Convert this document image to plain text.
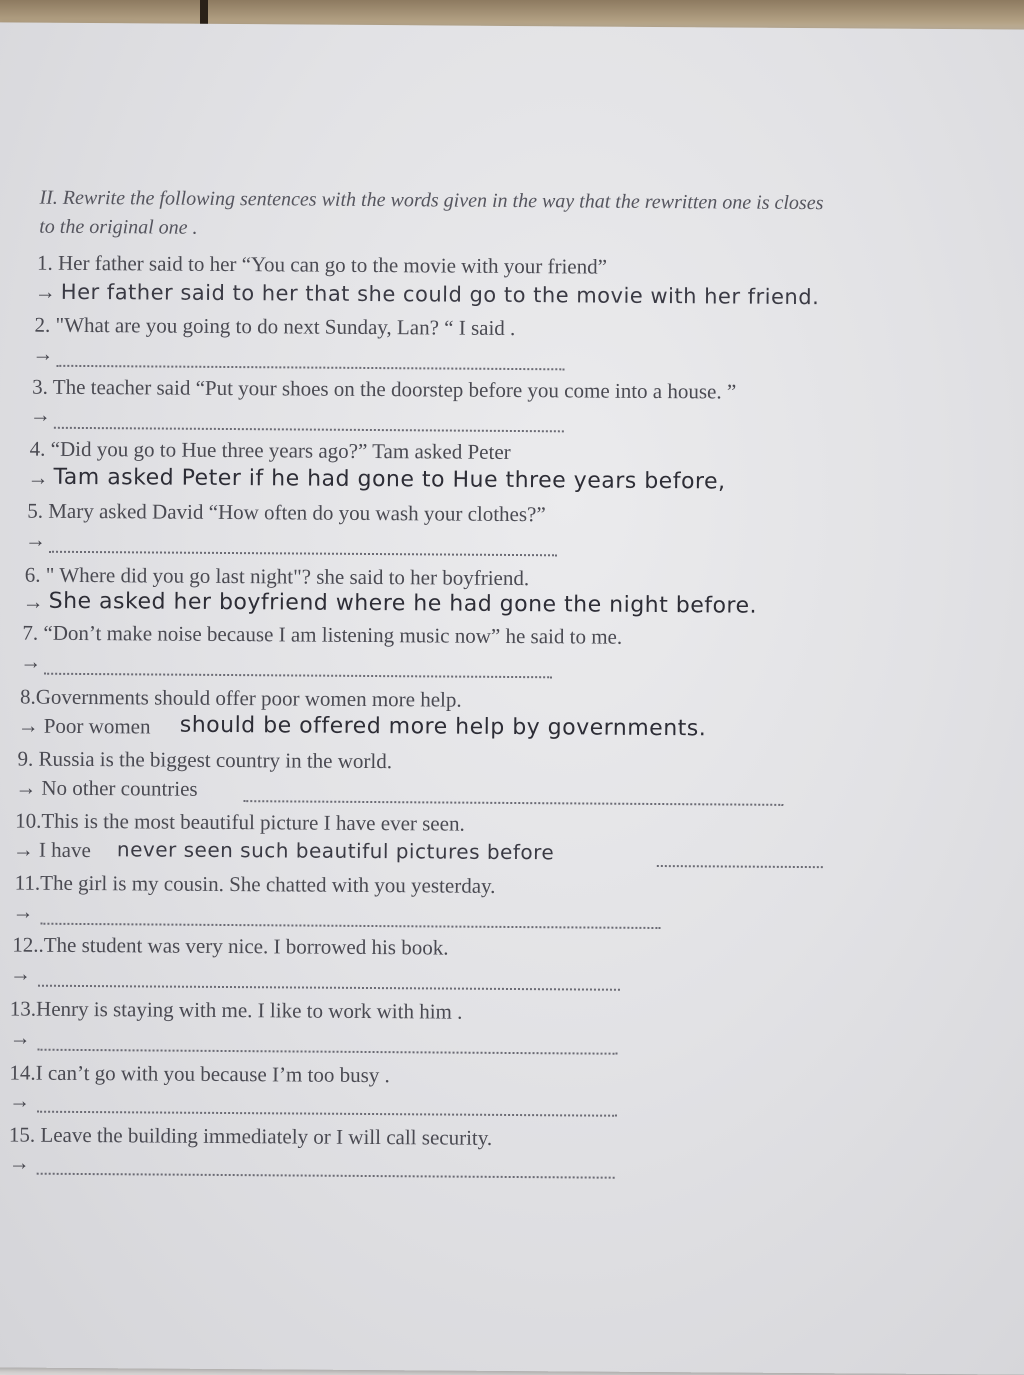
II. Rewrite the following sentences with the words given in the way that the rewritten one is closes
to the original one .
1. Her father said to her “You can go to the movie with your friend”
→ Her father said to her that she could go to the movie with her friend.
2. "What are you going to do next Sunday, Lan? “ I said .
→
3. The teacher said “Put your shoes on the doorstep before you come into a house. ”
→
4. “Did you go to Hue three years ago?” Tam asked Peter
→ Tam asked Peter if he had gone to Hue three years before,
5. Mary asked David “How often do you wash your clothes?”
→
6. " Where did you go last night"? she said to her boyfriend.
→ She asked her boyfriend where he had gone the night before.
7. “Don’t make noise because I am listening music now” he said to me.
→
8.Governments should offer poor women more help.
→ Poor women should be offered more help by governments.
9. Russia is the biggest country in the world.
→ No other countries
10.This is the most beautiful picture I have ever seen.
→ I have never seen such beautiful pictures before
11.The girl is my cousin. She chatted with you yesterday.
→
12..The student was very nice. I borrowed his book.
→
13.Henry is staying with me. I like to work with him .
→
14.I can’t go with you because I’m too busy .
→
15. Leave the building immediately or I will call security.
→
